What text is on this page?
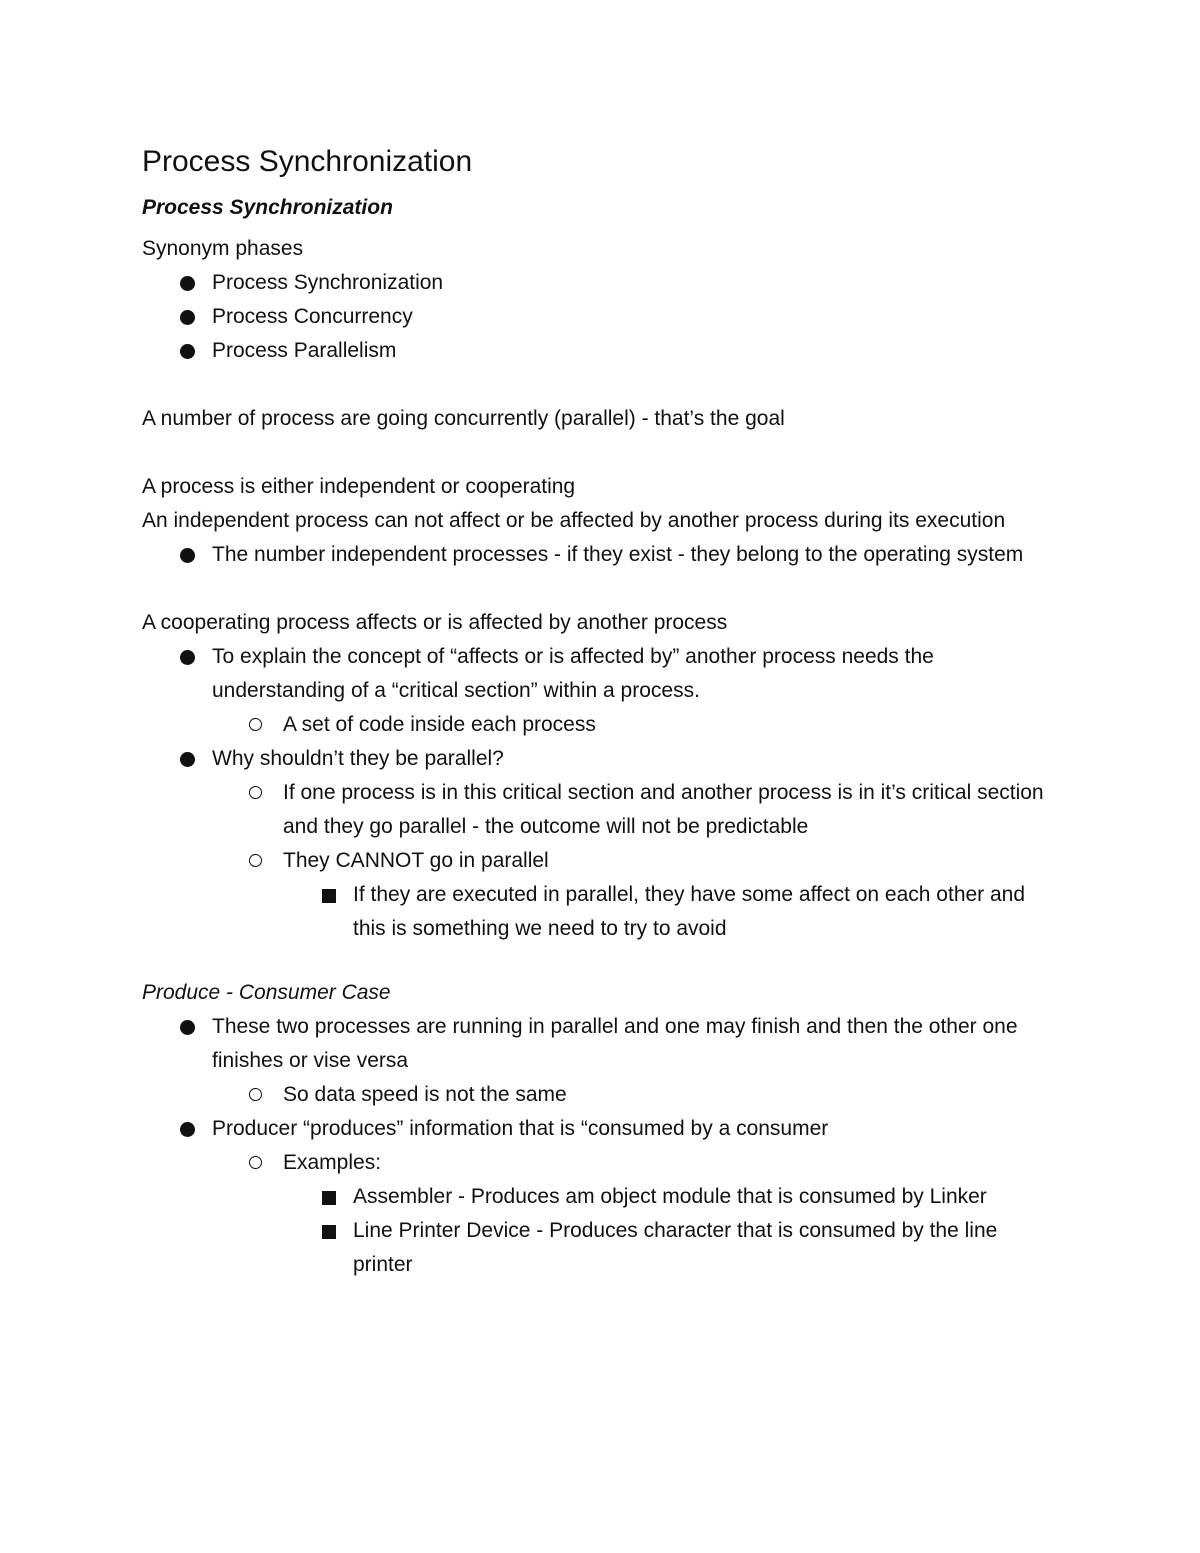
Process Synchronization
Process Synchronization

Synonym phases

Process Synchronization
Process Concurrency
Process Parallelism

A number of process are going concurrently (parallel) - that’s the goal

A process is either independent or cooperating

An independent process can not affect or be affected by another process during its execution

The number independent processes - if they exist - they belong to the operating system

A cooperating process affects or is affected by another process

To explain the concept of “affects or is affected by” another process needs the understanding of a “critical section” within a process.
A set of code inside each process
Why shouldn’t they be parallel?
If one process is in this critical section and another process is in it’s critical section and they go parallel - the outcome will not be predictable
They CANNOT go in parallel
If they are executed in parallel, they have some affect on each other and this is something we need to try to avoid

Produce - Consumer Case

These two processes are running in parallel and one may finish and then the other one finishes or vise versa
So data speed is not the same
Producer “produces” information that is “consumed by a consumer
Examples:
Assembler - Produces am object module that is consumed by Linker
Line Printer Device - Produces character that is consumed by the line printer
